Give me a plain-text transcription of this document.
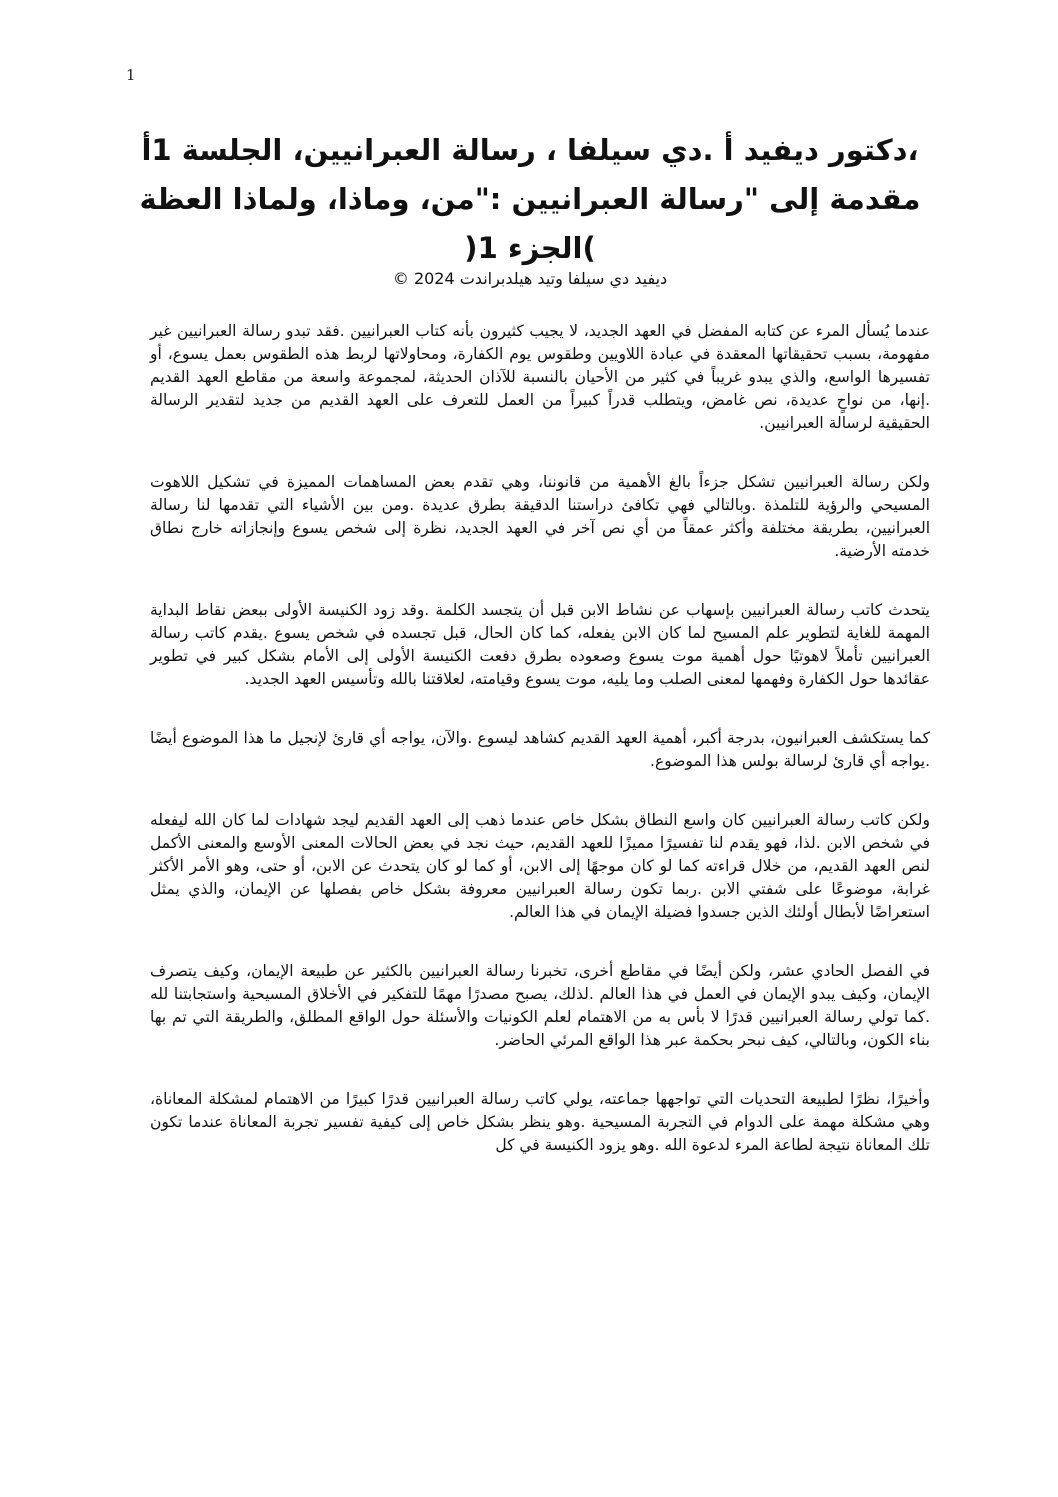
1
،دكتور ديفيد أ .دي سيلفا ، رسالة العبرانيين، الجلسة 1أ مقدمة إلى "رسالة العبرانيين :"من، وماذا، ولماذا العظة )الجزء 1(
ديفيد دي سيلفا وتيد هيلدبراندت 2024 ©

عندما يُسأل المرء عن كتابه المفضل في العهد الجديد، لا يجيب كثيرون بأنه كتاب العبرانيين .فقد تبدو رسالة العبرانيين غير مفهومة، بسبب تحقيقاتها المعقدة في عبادة اللاويين وطقوس يوم الكفارة، ومحاولاتها لربط هذه الطقوس بعمل يسوع، أو تفسيرها الواسع، والذي يبدو غريباً في كثير من الأحيان بالنسبة للآذان الحديثة، لمجموعة واسعة من مقاطع العهد القديم .إنها، من نواحٍ عديدة، نص غامض، ويتطلب قدراً كبيراً من العمل للتعرف على العهد القديم من جديد لتقدير الرسالة الحقيقية لرسالة العبرانيين.

ولكن رسالة العبرانيين تشكل جزءاً بالغ الأهمية من قانوننا، وهي تقدم بعض المساهمات المميزة في تشكيل اللاهوت المسيحي والرؤية للتلمذة .وبالتالي فهي تكافئ دراستنا الدقيقة بطرق عديدة .ومن بين الأشياء التي تقدمها لنا رسالة العبرانيين، بطريقة مختلفة وأكثر عمقاً من أي نص آخر في العهد الجديد، نظرة إلى شخص يسوع وإنجازاته خارج نطاق خدمته الأرضية.

يتحدث كاتب رسالة العبرانيين بإسهاب عن نشاط الابن قبل أن يتجسد الكلمة .وقد زود الكنيسة الأولى ببعض نقاط البداية المهمة للغاية لتطوير علم المسيح لما كان الابن يفعله، كما كان الحال، قبل تجسده في شخص يسوع .يقدم كاتب رسالة العبرانيين تأملاً لاهوتيًا حول أهمية موت يسوع وصعوده بطرق دفعت الكنيسة الأولى إلى الأمام بشكل كبير في تطوير عقائدها حول الكفارة وفهمها لمعنى الصلب وما يليه، موت يسوع وقيامته، لعلاقتنا بالله وتأسيس العهد الجديد.

كما يستكشف العبرانيون، بدرجة أكبر، أهمية العهد القديم كشاهد ليسوع .والآن، يواجه أي قارئ لإنجيل ما هذا الموضوع أيضًا .يواجه أي قارئ لرسالة بولس هذا الموضوع.

ولكن كاتب رسالة العبرانيين كان واسع النطاق بشكل خاص عندما ذهب إلى العهد القديم ليجد شهادات لما كان الله ليفعله في شخص الابن .لذا، فهو يقدم لنا تفسيرًا مميزًا للعهد القديم، حيث نجد في بعض الحالات المعنى الأوسع والمعنى الأكمل لنص العهد القديم، من خلال قراءته كما لو كان موجهًا إلى الابن، أو كما لو كان يتحدث عن الابن، أو حتى، وهو الأمر الأكثر غرابة، موضوعًا على شفتي الابن .ربما تكون رسالة العبرانيين معروفة بشكل خاص بفصلها عن الإيمان، والذي يمثل استعراضًا لأبطال أولئك الذين جسدوا فضيلة الإيمان في هذا العالم.

في الفصل الحادي عشر، ولكن أيضًا في مقاطع أخرى، تخبرنا رسالة العبرانيين بالكثير عن طبيعة الإيمان، وكيف يتصرف الإيمان، وكيف يبدو الإيمان في العمل في هذا العالم .لذلك، يصبح مصدرًا مهمًا للتفكير في الأخلاق المسيحية واستجابتنا لله .كما تولي رسالة العبرانيين قدرًا لا بأس به من الاهتمام لعلم الكونيات والأسئلة حول الواقع المطلق، والطريقة التي تم بها بناء الكون، وبالتالي، كيف نبحر بحكمة عبر هذا الواقع المرئي الحاضر.

وأخيرًا، نظرًا لطبيعة التحديات التي تواجهها جماعته، يولي كاتب رسالة العبرانيين قدرًا كبيرًا من الاهتمام لمشكلة المعاناة، وهي مشكلة مهمة على الدوام في التجربة المسيحية .وهو ينظر بشكل خاص إلى كيفية تفسير تجربة المعاناة عندما تكون تلك المعاناة نتيجة لطاعة المرء لدعوة الله .وهو يزود الكنيسة في كل
